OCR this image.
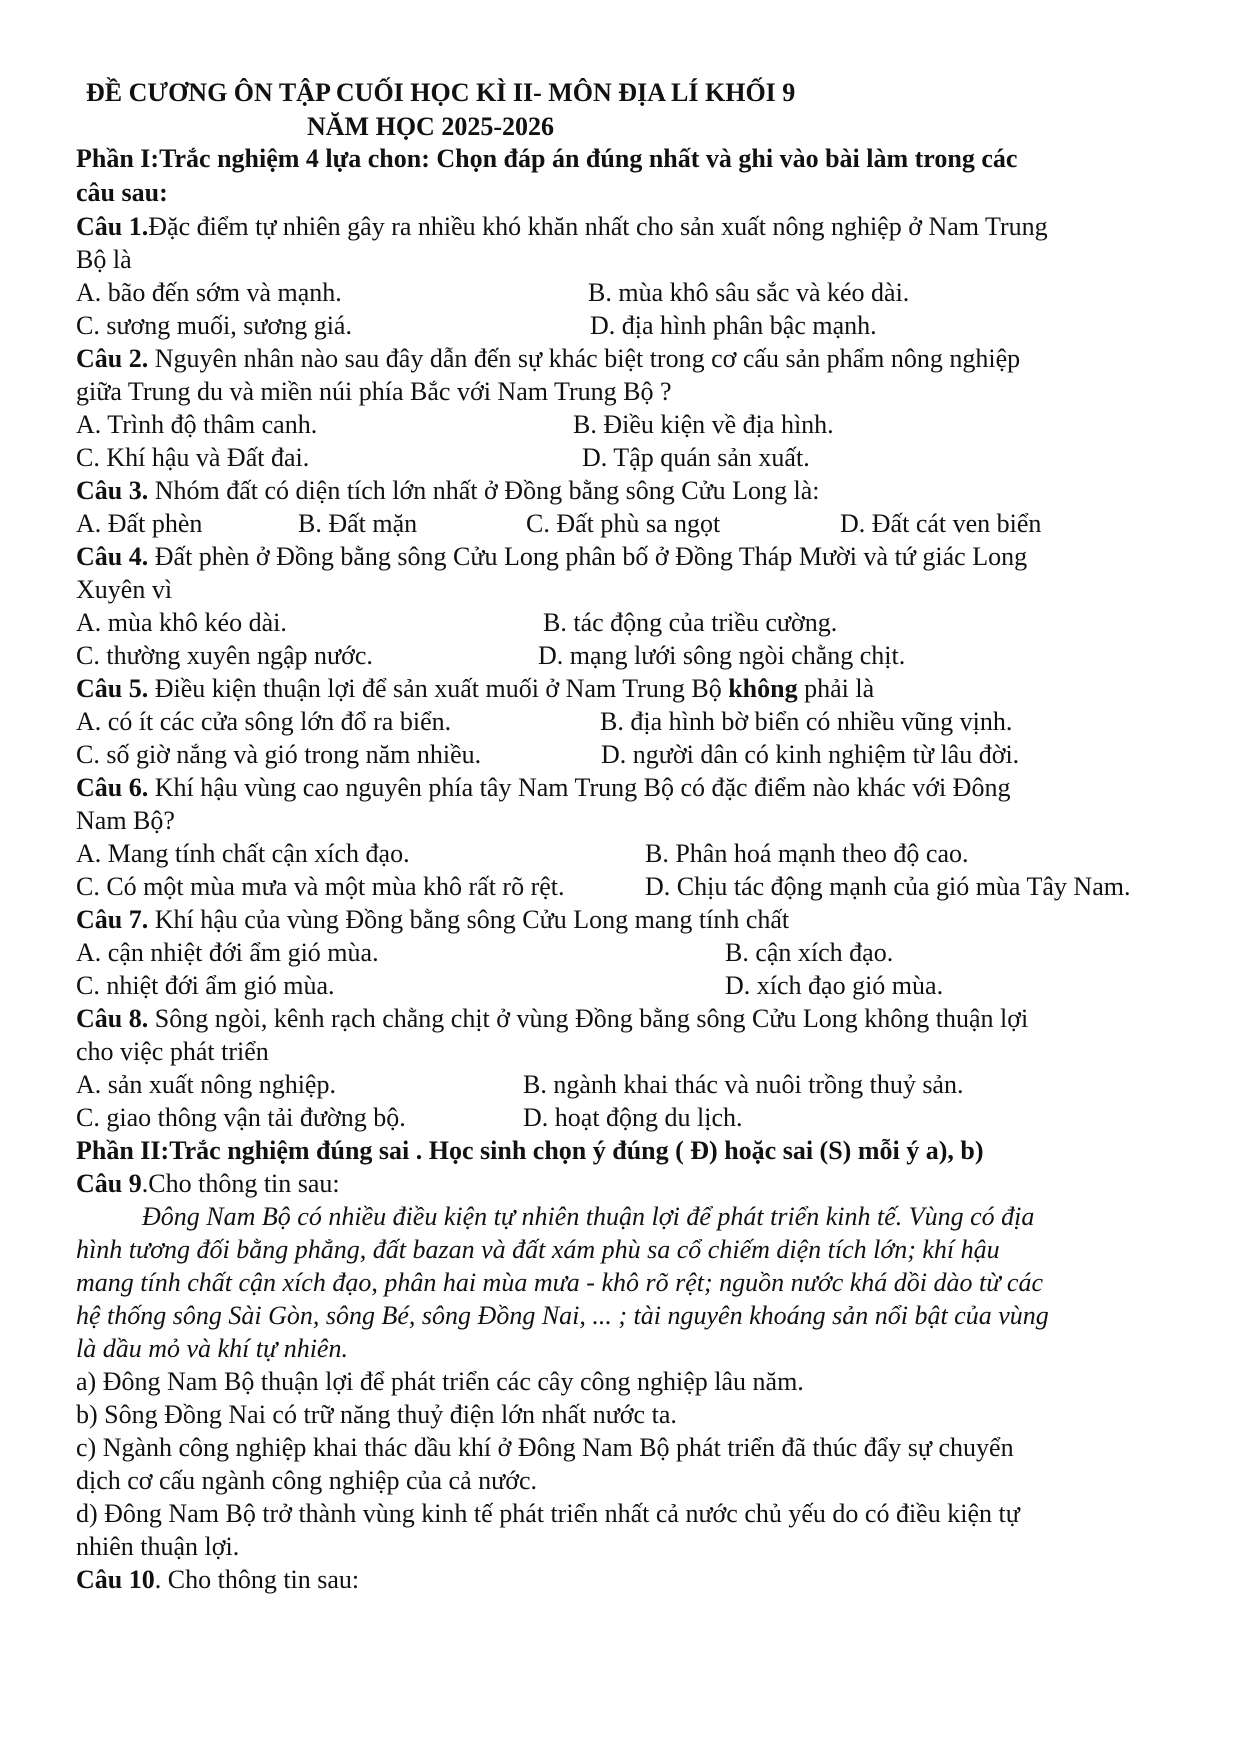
ĐỀ CƯƠNG ÔN TẬP CUỐI HỌC KÌ II- MÔN ĐỊA LÍ KHỐI 9
NĂM HỌC 2025-2026
Phần I:Trắc nghiệm 4 lựa chon: Chọn đáp án đúng nhất và ghi vào bài làm trong các
câu sau:
Câu 1.Đặc điểm tự nhiên gây ra nhiều khó khăn nhất cho sản xuất nông nghiệp ở Nam Trung
Bộ là
A. bão đến sớm và mạnh.	B. mùa khô sâu sắc và kéo dài.
C. sương muối, sương giá.	D. địa hình phân bậc mạnh.
Câu 2. Nguyên nhân nào sau đây dẫn đến sự khác biệt trong cơ cấu sản phẩm nông nghiệp
giữa Trung du và miền núi phía Bắc với Nam Trung Bộ ?
A. Trình độ thâm canh.	B. Điều kiện về địa hình.
C. Khí hậu và Đất đai.	D. Tập quán sản xuất.
Câu 3. Nhóm đất có diện tích lớn nhất ở Đồng bằng sông Cửu Long là:
A. Đất phèn	B. Đất mặn	C. Đất phù sa ngọt	D. Đất cát ven biển
Câu 4. Đất phèn ở Đồng bằng sông Cửu Long phân bố ở Đồng Tháp Mười và tứ giác Long
Xuyên vì
A. mùa khô kéo dài.	B. tác động của triều cường.
C. thường xuyên ngập nước.	D. mạng lưới sông ngòi chằng chịt.
Câu 5. Điều kiện thuận lợi để sản xuất muối ở Nam Trung Bộ không phải là
A. có ít các cửa sông lớn đổ ra biển.	B. địa hình bờ biển có nhiều vũng vịnh.
C. số giờ nắng và gió trong năm nhiều.	D. người dân có kinh nghiệm từ lâu đời.
Câu 6. Khí hậu vùng cao nguyên phía tây Nam Trung Bộ có đặc điểm nào khác với Đông
Nam Bộ?
A. Mang tính chất cận xích đạo.	B. Phân hoá mạnh theo độ cao.
C. Có một mùa mưa và một mùa khô rất rõ rệt.	D. Chịu tác động mạnh của gió mùa Tây Nam.
Câu 7. Khí hậu của vùng Đồng bằng sông Cửu Long mang tính chất
A. cận nhiệt đới ẩm gió mùa.	B. cận xích đạo.
C. nhiệt đới ẩm gió mùa.	D. xích đạo gió mùa.
Câu 8. Sông ngòi, kênh rạch chằng chịt ở vùng Đồng bằng sông Cửu Long không thuận lợi
cho việc phát triển
A. sản xuất nông nghiệp.	B. ngành khai thác và nuôi trồng thuỷ sản.
C. giao thông vận tải đường bộ.	D. hoạt động du lịch.
Phần II:Trắc nghiệm đúng sai . Học sinh chọn ý đúng ( Đ) hoặc sai (S) mỗi ý a), b)
Câu 9.Cho thông tin sau:
Đông Nam Bộ có nhiều điều kiện tự nhiên thuận lợi để phát triển kinh tế. Vùng có địa
hình tương đối bằng phẳng, đất bazan và đất xám phù sa cổ chiếm diện tích lớn; khí hậu
mang tính chất cận xích đạo, phân hai mùa mưa - khô rõ rệt; nguồn nước khá dồi dào từ các
hệ thống sông Sài Gòn, sông Bé, sông Đồng Nai, ... ; tài nguyên khoáng sản nổi bật của vùng
là dầu mỏ và khí tự nhiên.
a) Đông Nam Bộ thuận lợi để phát triển các cây công nghiệp lâu năm.
b) Sông Đồng Nai có trữ năng thuỷ điện lớn nhất nước ta.
c) Ngành công nghiệp khai thác dầu khí ở Đông Nam Bộ phát triển đã thúc đẩy sự chuyển
dịch cơ cấu ngành công nghiệp của cả nước.
d) Đông Nam Bộ trở thành vùng kinh tế phát triển nhất cả nước chủ yếu do có điều kiện tự
nhiên thuận lợi.
Câu 10. Cho thông tin sau:
